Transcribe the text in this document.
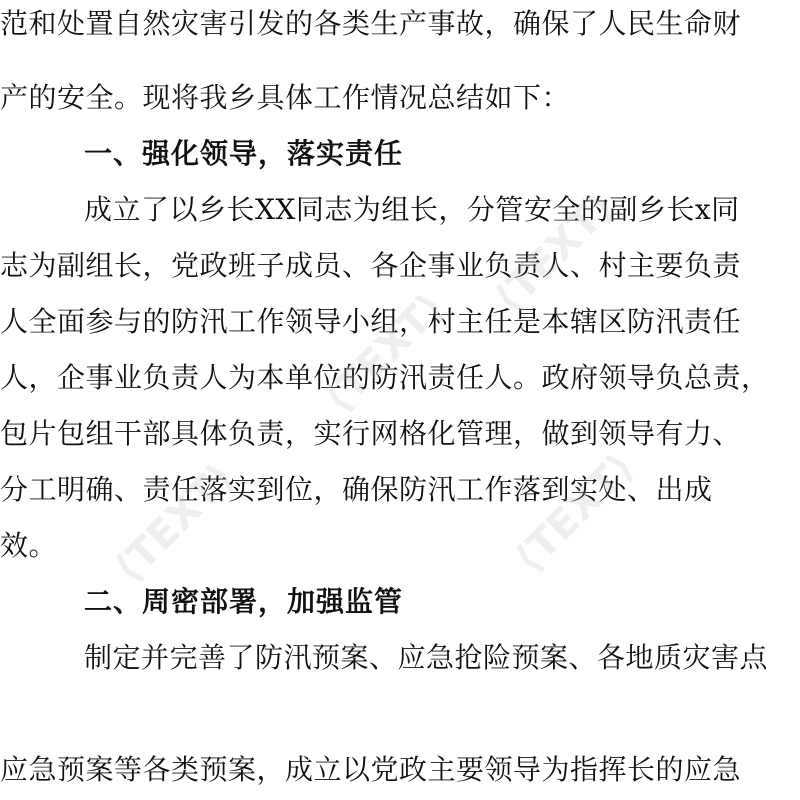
范和处置自然灾害引发的各类生产事故，确保了人民生命财
产的安全。现将我乡具体工作情况总结如下：
一、强化领导，落实责任
成立了以乡长XX同志为组长，分管安全的副乡长x同
志为副组长，党政班子成员、各企事业负责人、村主要负责
人全面参与的防汛工作领导小组，村主任是本辖区防汛责任
人，企事业负责人为本单位的防汛责任人。政府领导负总责，
包片包组干部具体负责，实行网格化管理，做到领导有力、
分工明确、责任落实到位，确保防汛工作落到实处、出成
效。
二、周密部署，加强监管
制定并完善了防汛预案、应急抢险预案、各地质灾害点
应急预案等各类预案，成立以党政主要领导为指挥长的应急
⟨TEXT⟩
⟨TEXT⟩
⟨TEXT⟩	⟨TEXT⟩
